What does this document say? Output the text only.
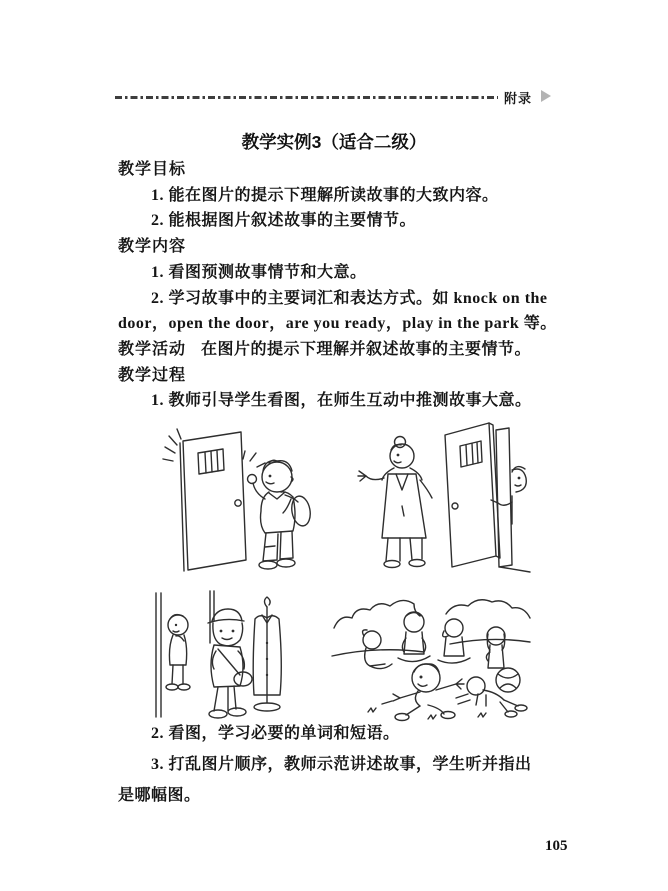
附录
教学实例3（适合二级）
教学目标
1. 能在图片的提示下理解所读故事的大致内容。
2. 能根据图片叙述故事的主要情节。
教学内容
1. 看图预测故事情节和大意。
2. 学习故事中的主要词汇和表达方式。如 knock on the
door，open the door，are you ready，play in the park 等。
教学活动 在图片的提示下理解并叙述故事的主要情节。
教学过程
1. 教师引导学生看图，在师生互动中推测故事大意。
2. 看图，学习必要的单词和短语。
3. 打乱图片顺序，教师示范讲述故事，学生听并指出
是哪幅图。
105
